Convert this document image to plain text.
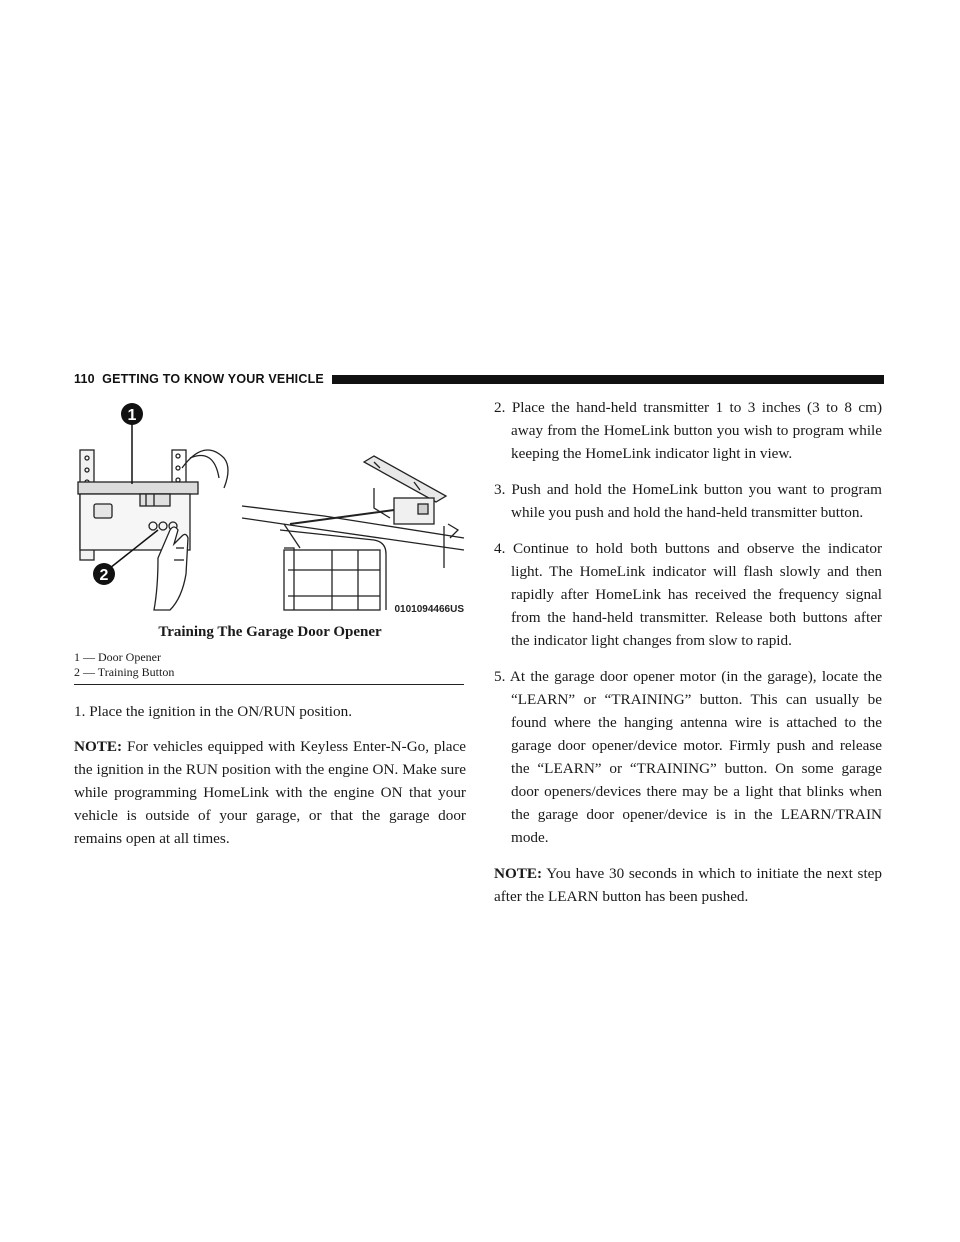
110 GETTING TO KNOW YOUR VEHICLE
1
2
0101094466US
Training The Garage Door Opener
1 — Door Opener
2 — Training Button

1. Place the ignition in the ON/RUN position.

NOTE: For vehicles equipped with Keyless Enter-N-Go, place the ignition in the RUN position with the engine ON. Make sure while programming HomeLink with the engine ON that your vehicle is outside of your garage, or that the garage door remains open at all times.

2. Place the hand-held transmitter 1 to 3 inches (3 to 8 cm) away from the HomeLink button you wish to program while keeping the HomeLink indicator light in view.

3. Push and hold the HomeLink button you want to program while you push and hold the hand-held transmitter button.

4. Continue to hold both buttons and observe the indicator light. The HomeLink indicator will flash slowly and then rapidly after HomeLink has received the frequency signal from the hand-held transmitter. Release both buttons after the indicator light changes from slow to rapid.

5. At the garage door opener motor (in the garage), locate the “LEARN” or “TRAINING” button. This can usually be found where the hanging antenna wire is attached to the garage door opener/device motor. Firmly push and release the “LEARN” or “TRAINING” button. On some garage door openers/devices there may be a light that blinks when the garage door opener/device is in the LEARN/TRAIN mode.

NOTE: You have 30 seconds in which to initiate the next step after the LEARN button has been pushed.
